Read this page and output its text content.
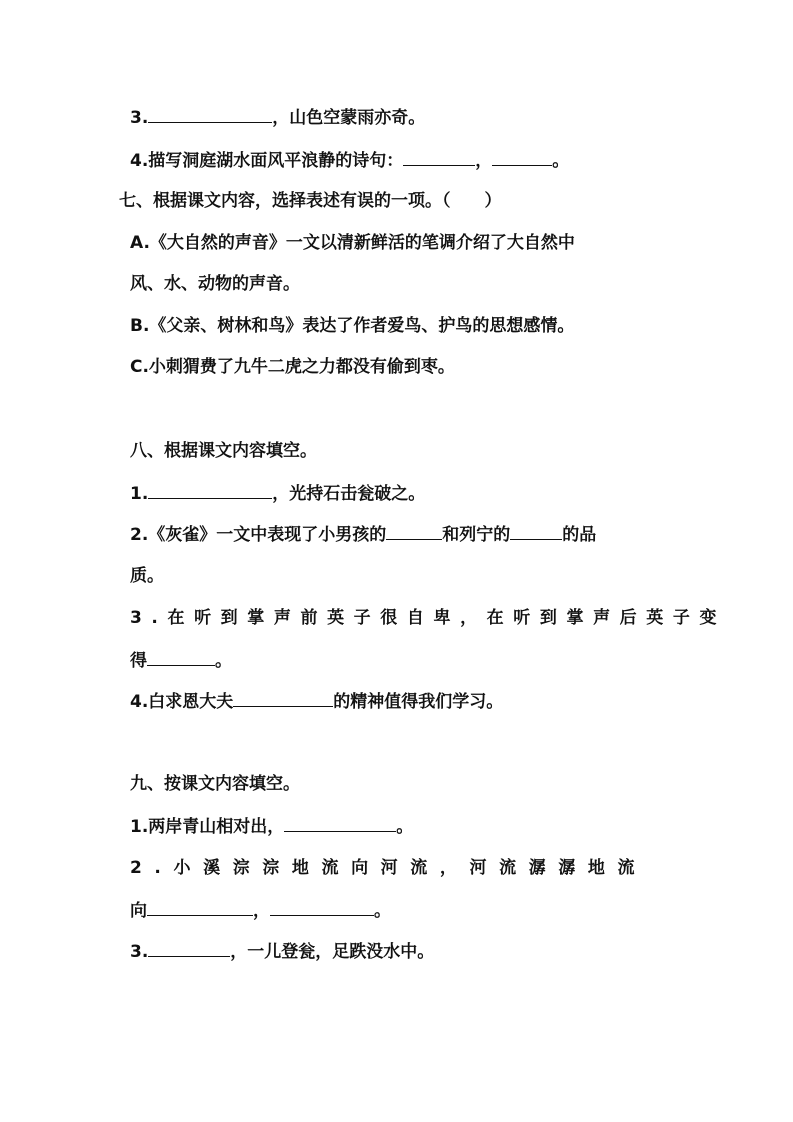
3.	，山色空蒙雨亦奇。
4.描写洞庭湖水面风平浪静的诗句：	，	。
七、根据课文内容，选择表述有误的一项。（　　）
A.《大自然的声音》一文以清新鲜活的笔调介绍了大自然中
风、水、动物的声音。
B.《父亲、树林和鸟》表达了作者爱鸟、护鸟的思想感情。
C.小刺猬费了九牛二虎之力都没有偷到枣。
八、根据课文内容填空。
1.	，光持石击瓮破之。
2.《灰雀》一文中表现了小男孩的	和列宁的	的品
质。
3.在听到掌声前英子很自卑，在听到掌声后英子变
得	。
4.白求恩大夫	的精神值得我们学习。
九、按课文内容填空。
1.两岸青山相对出，	。
2.小溪淙淙地流向河流，河流潺潺地流
向	，	。
3.	，一儿登瓮，足跌没水中。
